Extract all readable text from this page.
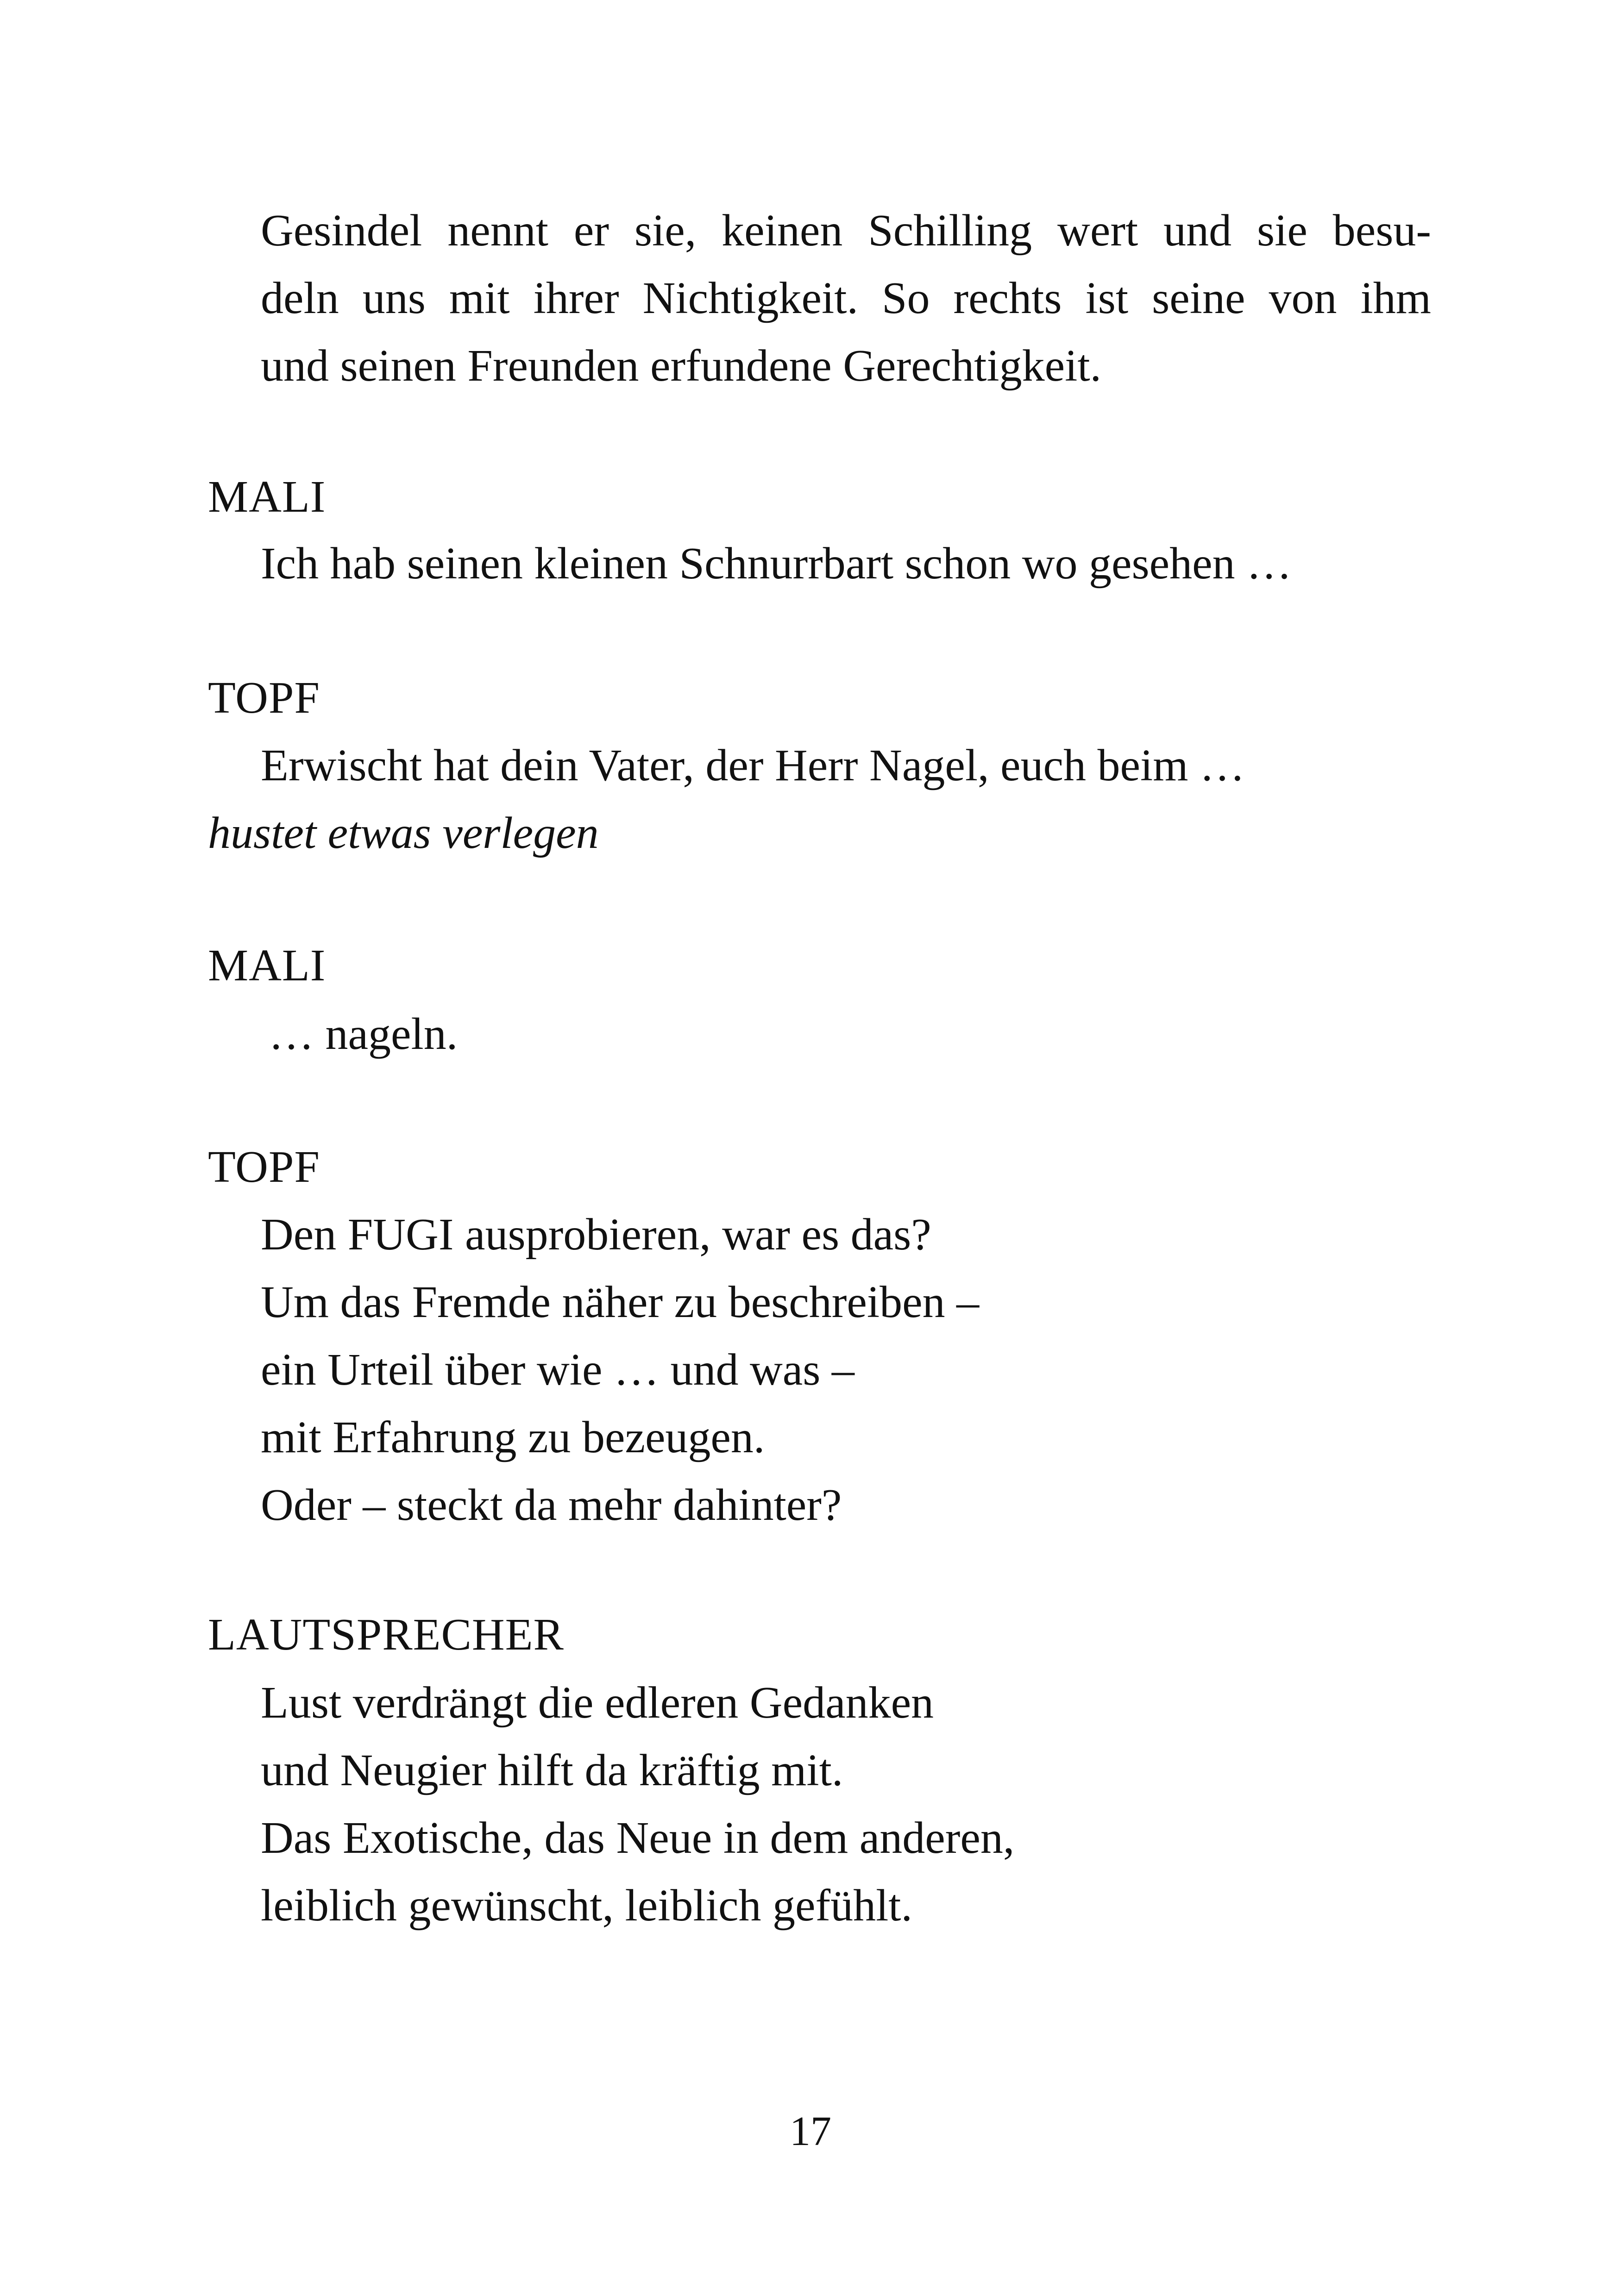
Gesindel nennt er sie, keinen Schilling wert und sie besu-
deln uns mit ihrer Nichtigkeit. So rechts ist seine von ihm
und seinen Freunden erfundene Gerechtigkeit.
MALI
Ich hab seinen kleinen Schnurrbart schon wo gesehen …
TOPF
Erwischt hat dein Vater, der Herr Nagel, euch beim …
hustet etwas verlegen
MALI
… nageln.
TOPF
Den FUGI ausprobieren, war es das?
Um das Fremde näher zu beschreiben –
ein Urteil über wie … und was –
mit Erfahrung zu bezeugen.
Oder – steckt da mehr dahinter?
LAUTSPRECHER
Lust verdrängt die edleren Gedanken
und Neugier hilft da kräftig mit.
Das Exotische, das Neue in dem anderen,
leiblich gewünscht, leiblich gefühlt.
17
